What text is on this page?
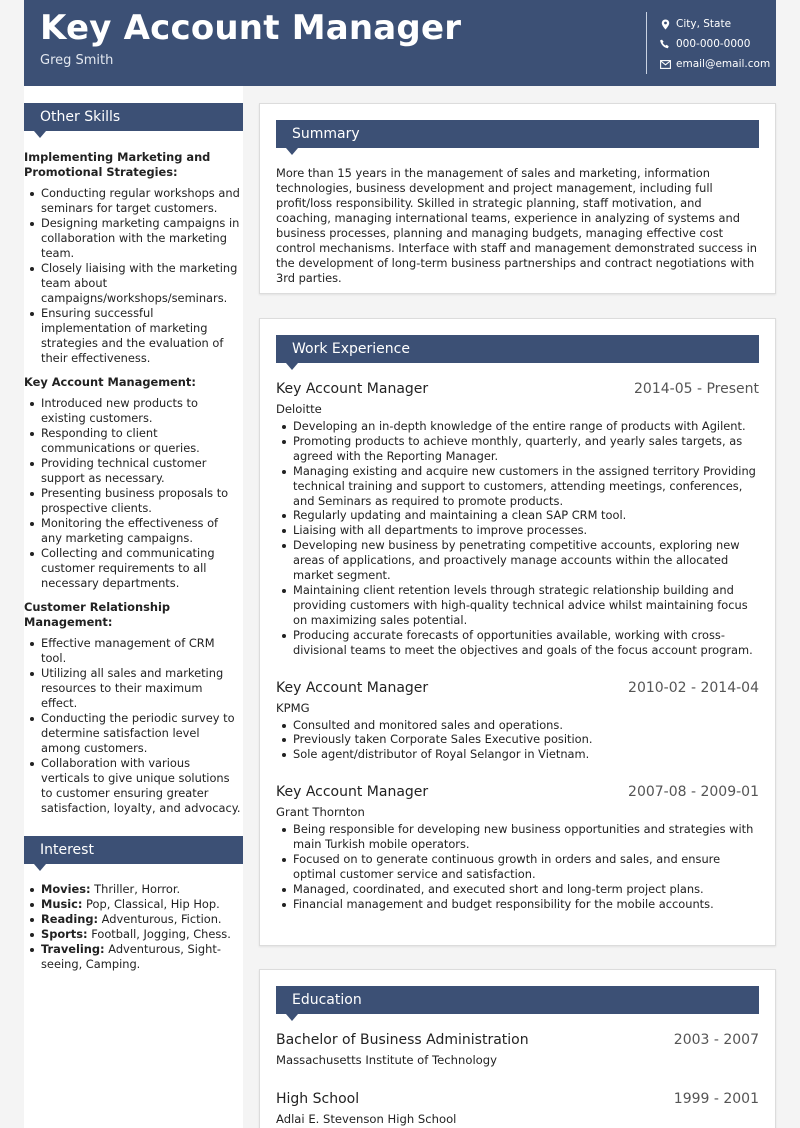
Key Account Manager
Greg Smith
City, State
000-000-0000
email@email.com
Other Skills
Implementing Marketing and Promotional Strategies:
Conducting regular workshops and seminars for target customers.
Designing marketing campaigns in collaboration with the marketing team.
Closely liaising with the marketing team about campaigns/workshops/seminars.
Ensuring successful implementation of marketing strategies and the evaluation of their effectiveness.
Key Account Management:
Introduced new products to existing customers.
Responding to client communications or queries.
Providing technical customer support as necessary.
Presenting business proposals to prospective clients.
Monitoring the effectiveness of any marketing campaigns.
Collecting and communicating customer requirements to all necessary departments.
Customer Relationship Management:
Effective management of CRM tool.
Utilizing all sales and marketing resources to their maximum effect.
Conducting the periodic survey to determine satisfaction level among customers.
Collaboration with various verticals to give unique solutions to customer ensuring greater satisfaction, loyalty, and advocacy.
Interest
Movies: Thriller, Horror.
Music: Pop, Classical, Hip Hop.
Reading: Adventurous, Fiction.
Sports: Football, Jogging, Chess.
Traveling: Adventurous, Sight-seeing, Camping.
Summary
More than 15 years in the management of sales and marketing, information technologies, business development and project management, including full profit/loss responsibility. Skilled in strategic planning, staff motivation, and coaching, managing international teams, experience in analyzing of systems and business processes, planning and managing budgets, managing effective cost control mechanisms. Interface with staff and management demonstrated success in the development of long-term business partnerships and contract negotiations with 3rd parties.
Work Experience
Key Account Manager	2014-05 - Present
Deloitte
Developing an in-depth knowledge of the entire range of products with Agilent.
Promoting products to achieve monthly, quarterly, and yearly sales targets, as agreed with the Reporting Manager.
Managing existing and acquire new customers in the assigned territory Providing technical training and support to customers, attending meetings, conferences, and Seminars as required to promote products.
Regularly updating and maintaining a clean SAP CRM tool.
Liaising with all departments to improve processes.
Developing new business by penetrating competitive accounts, exploring new areas of applications, and proactively manage accounts within the allocated market segment.
Maintaining client retention levels through strategic relationship building and providing customers with high-quality technical advice whilst maintaining focus on maximizing sales potential.
Producing accurate forecasts of opportunities available, working with cross-divisional teams to meet the objectives and goals of the focus account program.
Key Account Manager	2010-02 - 2014-04
KPMG
Consulted and monitored sales and operations.
Previously taken Corporate Sales Executive position.
Sole agent/distributor of Royal Selangor in Vietnam.
Key Account Manager	2007-08 - 2009-01
Grant Thornton
Being responsible for developing new business opportunities and strategies with main Turkish mobile operators.
Focused on to generate continuous growth in orders and sales, and ensure optimal customer service and satisfaction.
Managed, coordinated, and executed short and long-term project plans.
Financial management and budget responsibility for the mobile accounts.
Education
Bachelor of Business Administration	2003 - 2007
Massachusetts Institute of Technology
High School	1999 - 2001
Adlai E. Stevenson High School
